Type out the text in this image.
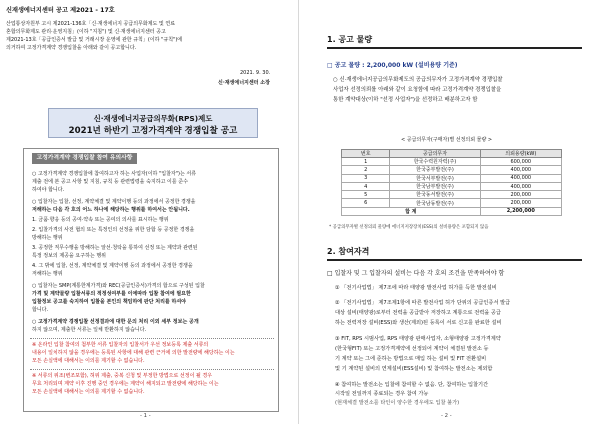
신재생에너지센터 공고 제2021 - 17호
산업통상자원부 고시 제2021-136호「신·재생에너지 공급의무화제도 및 연료
혼합의무화제도 관리·운영지침」(이하 "지침") 및 신·재생에너지센터 공고
제2021-13호「공급인증서 발급 및 거래시장 운영에 관한 규칙」(이하 "규칙")에
의거하여 고정가격계약 경쟁입찰을 아래와 같이 공고합니다.
2021. 9. 30.
신·재생에너지센터 소장
신·재생에너지공급의무화(RPS)제도
2021년 하반기 고정가격계약 경쟁입찰 공고
고정가격계약 경쟁입찰 참여 유의사항
○ 고정가격계약 경쟁입찰에 참여하고자 하는 사업자(이하 "입찰자")는 서류
제출 전에 본 공고 사항 및 지침, 규칙 등 관련법령을 숙지하고 이를 준수
하여야 합니다.
○ 입찰자는 입찰, 선정, 계약체결 및 계약이행 등의 과정에서 공정한 경쟁을
저해하는 다음 각 호의 어느 하나에 해당하는 행위를 하여서는 안됩니다.
1. 금품·향응 등의 공여·약속 또는 공여의 의사를 표시하는 행위
2. 입찰가격의 사전 협의 또는 특정인의 선정을 위한 담합 등 공정한 경쟁을
방해하는 행위
3. 공정한 직무수행을 방해하는 알선·청탁을 통하여 선정 또는 계약과 관련된
특정 정보의 제공을 요구하는 행위
4. 그 밖에 입찰, 선정, 계약체결 및 계약이행 등의 과정에서 공정한 경쟁을
저해하는 행위
○ 입찰자는 SMP(계통한계가격)와 REC(공급인증서)가격의 합으로 구성된 입찰
가격 및 계약물량 입찰서류의 적정성여부를 이에따라 입찰 참여에 필요한
입찰정보 공고를 숙지하여 입찰을 본인의 책임하에 판단 처리를 하셔야
합니다.
○ 고정가격계약 경쟁입찰 선정결과에 대한 문의 처리 이외 세부 정보는 공개
하지 않으며, 제출한 서류는 일체 반환하지 않습니다.
※ 온라인 입찰 참여의 첨부한 서류 입찰자의 입찰서가 우선 정보등록 제출 서류의
내용이 일치하지 않을 경우에는 등록된 사항에 대해 관련 근거에 의한 발전량에 해당하는 이는
모든 손실액에 대해서는 이의를 제기할 수 없습니다.
※ 서류의 위조(변조포함), 허위 제출, 중복 신청 및 부정한 방법으로 선정이 될 경우
무효 처리되며 계약 이후 진행 중인 경우에는 계약이 해지되고 발전량에 해당하는 이는
모든 손실액에 대해서는 이의를 제기할 수 없습니다.
- 1 -
1. 공고 물량
□ 공고 물량 : 2,200,000 kW (설비용량 기준)
○ 신·재생에너지공급의무화제도의 공급의무자가 고정가격계약 경쟁입찰
사업자 선정의뢰를 아래와 같이 요청함에 따라 고정가격계약 경쟁입찰을
통한 계약대상(이하 "선정 사업자")을 선정하고 배분하고자 함
< 공급의무자(구매자)별 선정의뢰 물량 >
번호	공급의무자	의뢰용량(kW)
1	한국수력원자력(주)	600,000
2	한국중부발전(주)	400,000
3	한국서부발전(주)	400,000
4	한국남부발전(주)	400,000
5	한국동서발전(주)	200,000
6	한국남동발전(주)	200,000
합 계		2,200,000
* 공급의무자별 선정의뢰 물량에 에너지저장장치(ESS)의 설비용량은 포함되지 않음
2. 참여자격
□ 입찰자 및 그 입찰자의 설비는 다음 각 호의 조건을 만족하여야 함
① 「전기사업법」 제7조에 따라 태양광 발전사업 허가를 득한 발전설비
② 「전기사업법」 제7조제1항에 따른 발전사업 허가 단위의 공급인증서 발급
대상 설비(태양광)로부터 전력을 공급받아 저장하고 계통으로 전력을 공급
하는 전력저장 설비(ESS)와 생산(제외)된 등록이 서로 신고를 완료한 설비
③ FIT, RPS 시범사업, RPS 태양광 판매사업자, 소형태양광 고정가격계약
(한국형FIT) 또는 고정가격계약에 선정되어 계약이 체결된 발전소 등
기 계약 또는 그에 준하는 방법으로 매입 하는 설비 및 FIT 전환설비
및 기 계약된 설비의 연계설비(ESS설비) 및 참여하는 발전소는 제외함
④ 참여하는 발전소는 입찰에 참여할 수 없음. 단, 참여하는 입찰기간
시작일 전일까지 종료되는 경우 참여 가능
(현재체결 발전소를 타인이 양수한 경우에도 입찰 불가)
- 2 -
